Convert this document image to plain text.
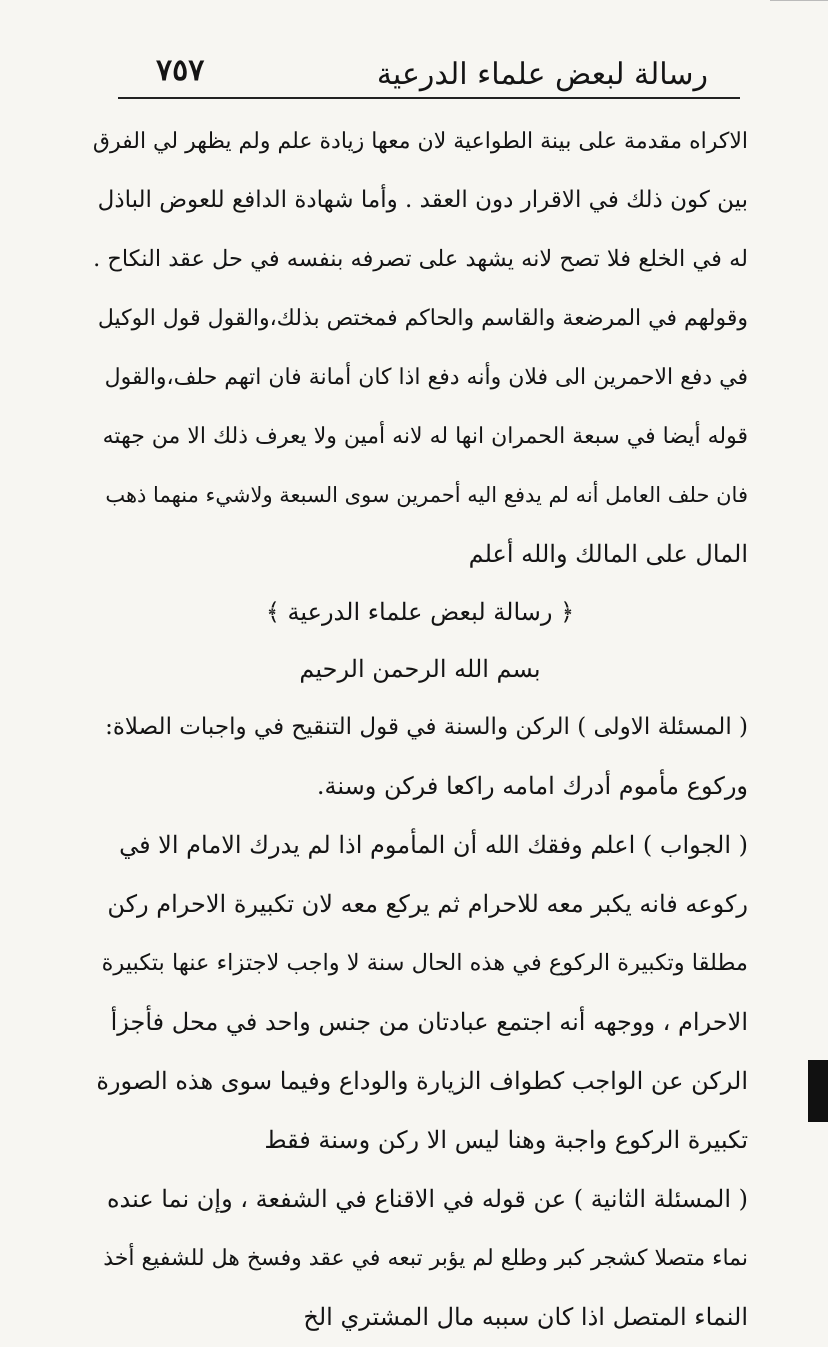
رسالة لبعض علماء الدرعية
٧٥٧
الاكراه مقدمة على بينة الطواعية لان معها زيادة علم ولم يظهر لي الفرق
بين كون ذلك في الاقرار دون العقد . وأما شهادة الدافع للعوض الباذل
له في الخلع فلا تصح لانه يشهد على تصرفه بنفسه في حل عقد النكاح .
وقولهم في المرضعة والقاسم والحاكم فمختص بذلك،والقول قول الوكيل
في دفع الاحمرين الى فلان وأنه دفع اذا كان أمانة فان اتهم حلف،والقول
قوله أيضا في سبعة الحمران انها له لانه أمين ولا يعرف ذلك الا من جهته
فان حلف العامل أنه لم يدفع اليه أحمرين سوى السبعة ولاشيء منهما ذهب
المال على المالك والله أعلم
﴿ رسالة لبعض علماء الدرعية ﴾
بسم الله الرحمن الرحيم
( المسئلة الاولى ) الركن والسنة في قول التنقيح في واجبات الصلاة:
وركوع مأموم أدرك امامه راكعا فركن وسنة.
( الجواب ) اعلم وفقك الله أن المأموم اذا لم يدرك الامام الا في
ركوعه فانه يكبر معه للاحرام ثم يركع معه لان تكبيرة الاحرام ركن
مطلقا وتكبيرة الركوع في هذه الحال سنة لا واجب لاجتزاء عنها بتكبيرة
الاحرام ، ووجهه أنه اجتمع عبادتان من جنس واحد في محل فأجزأ
الركن عن الواجب كطواف الزيارة والوداع وفيما سوى هذه الصورة
تكبيرة الركوع واجبة وهنا ليس الا ركن وسنة فقط
( المسئلة الثانية ) عن قوله في الاقناع في الشفعة ، وإن نما عنده
نماء متصلا كشجر كبر وطلع لم يؤبر تبعه في عقد وفسخ هل للشفيع أخذ
النماء المتصل اذا كان سببه مال المشتري الخ
